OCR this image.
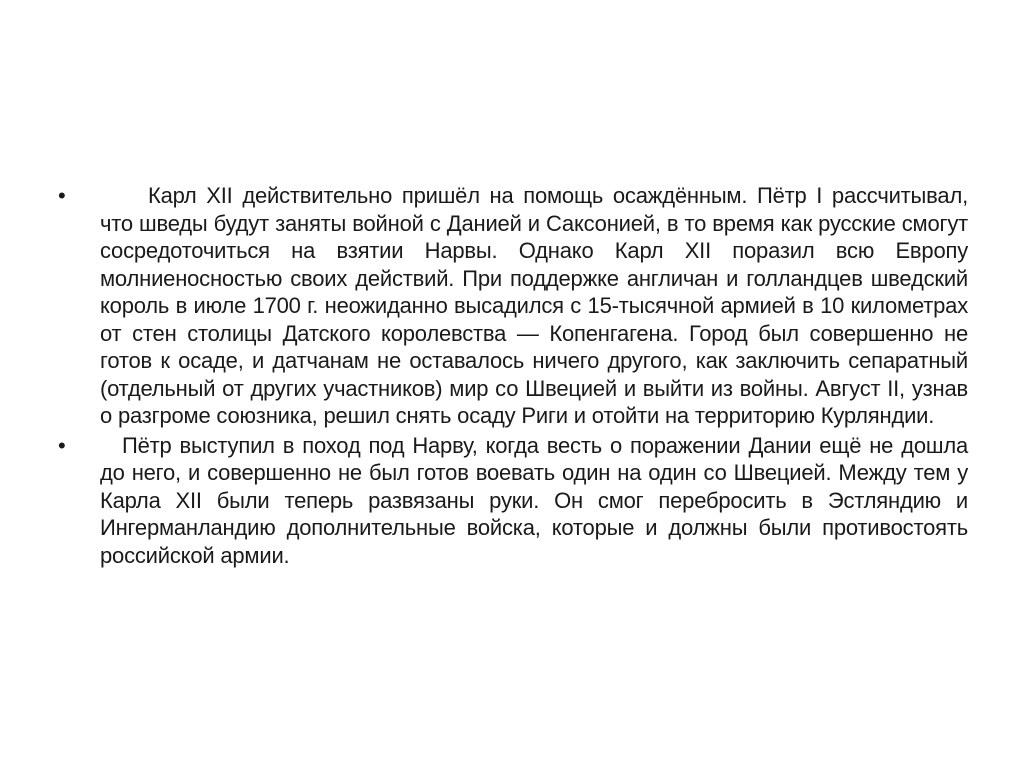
•	Карл XII действительно пришёл на помощь осаждённым. Пётр I рассчитывал, что шведы будут заняты войной с Данией и Саксонией, в то время как русские смогут сосредоточиться на взятии Нарвы. Однако Карл XII поразил всю Европу молниеносностью своих действий. При поддержке англичан и голландцев шведский король в июле 1700 г. неожиданно высадился с 15-тысячной армией в 10 километрах от стен столицы Датского королевства — Копенгагена. Город был совершенно не готов к осаде, и датчанам не оставалось ничего другого, как заключить сепаратный (отдельный от других участников) мир со Швецией и выйти из войны. Август II, узнав о разгроме союзника, решил снять осаду Риги и отойти на территорию Курляндии.
•	Пётр выступил в поход под Нарву, когда весть о поражении Дании ещё не дошла до него, и совершенно не был готов воевать один на один со Швецией. Между тем у Карла XII были теперь развязаны руки. Он смог перебросить в Эстляндию и Ингерманландию дополнительные войска, которые и должны были противостоять российской армии.
